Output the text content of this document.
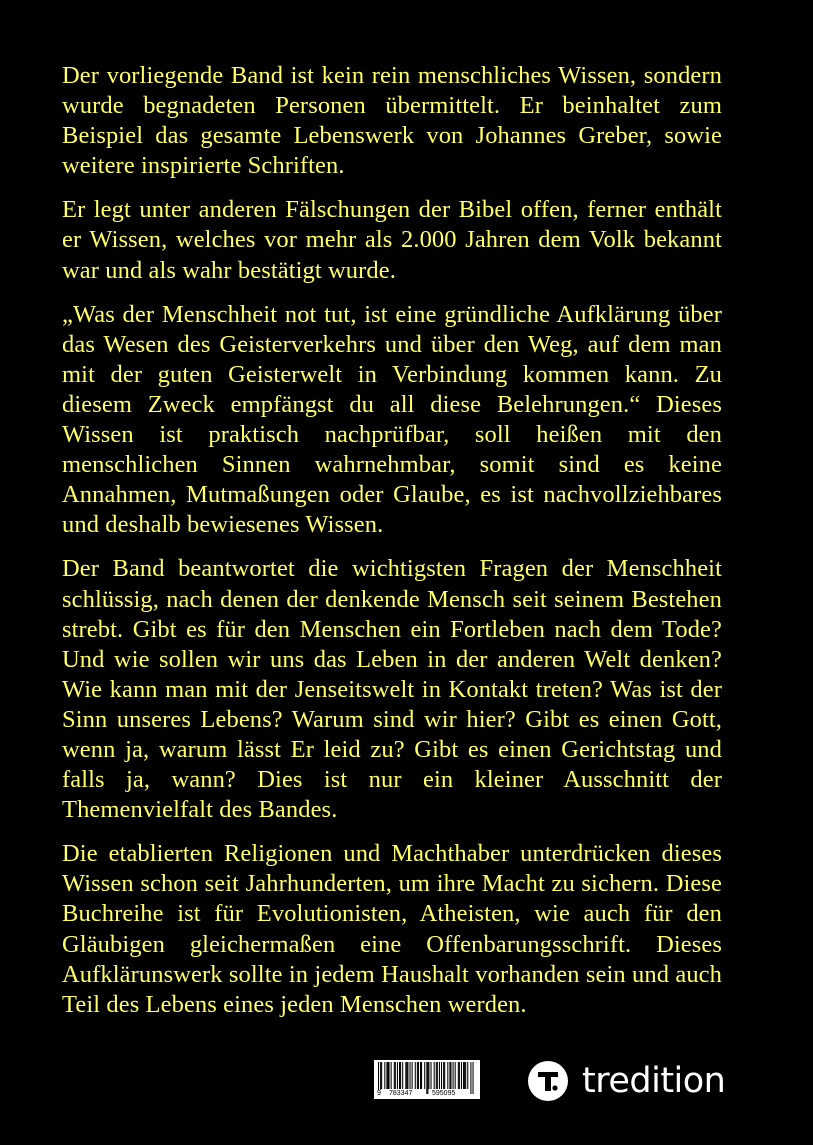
Der vorliegende Band ist kein rein menschliches Wissen, sondern wurde begnadeten Personen übermittelt. Er beinhaltet zum Beispiel das gesamte Lebenswerk von Johannes Greber, sowie weitere inspirierte Schriften.

Er legt unter anderen Fälschungen der Bibel offen, ferner enthält er Wissen, welches vor mehr als 2.000 Jahren dem Volk bekannt war und als wahr bestätigt wurde.

„Was der Menschheit not tut, ist eine gründliche Aufklärung über das Wesen des Geisterverkehrs und über den Weg, auf dem man mit der guten Geisterwelt in Verbindung kommen kann. Zu diesem Zweck empfängst du all diese Belehrungen.“ Dieses Wissen ist praktisch nachprüfbar, soll heißen mit den menschlichen Sinnen wahrnehmbar, somit sind es keine Annahmen, Mutmaßungen oder Glaube, es ist nachvollziehbares und deshalb bewiesenes Wissen.

Der Band beantwortet die wichtigsten Fragen der Menschheit schlüssig, nach denen der denkende Mensch seit seinem Bestehen strebt. Gibt es für den Menschen ein Fortleben nach dem Tode? Und wie sollen wir uns das Leben in der anderen Welt denken? Wie kann man mit der Jenseitswelt in Kontakt treten? Was ist der Sinn unseres Lebens? Warum sind wir hier? Gibt es einen Gott, wenn ja, warum lässt Er leid zu? Gibt es einen Gerichtstag und falls ja, wann? Dies ist nur ein kleiner Ausschnitt der Themenvielfalt des Bandes.

Die etablierten Religionen und Machthaber unterdrücken dieses Wissen schon seit Jahrhunderten, um ihre Macht zu sichern. Diese Buchreihe ist für Evolutionisten, Atheisten, wie auch für den Gläubigen gleichermaßen eine Offenbarungsschrift. Dieses Aufklärunswerk sollte in jedem Haushalt vorhanden sein und auch Teil des Lebens eines jeden Menschen werden.

9 783347	595095	tredition
